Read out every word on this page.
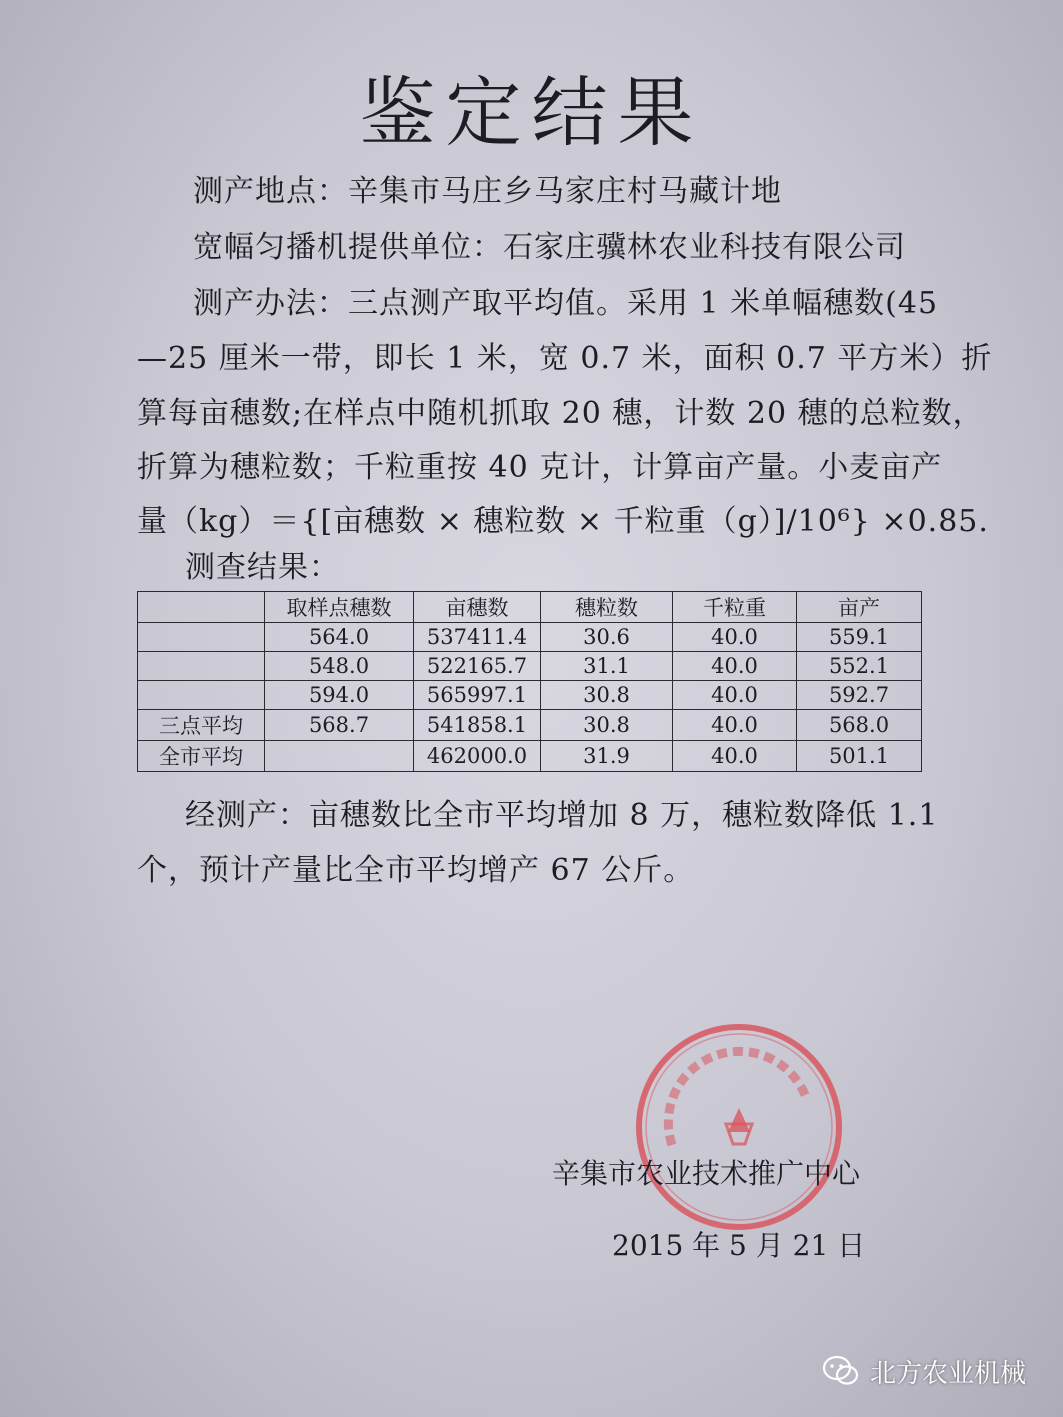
鉴定结果
测产地点：辛集市马庄乡马家庄村马藏计地
宽幅匀播机提供单位：石家庄骥林农业科技有限公司
测产办法：三点测产取平均值。采用 1 米单幅穗数(45
—25 厘米一带，即长 1 米，宽 0.7 米，面积 0.7 平方米）折
算每亩穗数;在样点中随机抓取 20 穗，计数 20 穗的总粒数，
折算为穗粒数；千粒重按 40 克计，计算亩产量。小麦亩产
量（kg）＝{[亩穗数 × 穗粒数 × 千粒重（g）]/10⁶} ×0.85.
测查结果：
	取样点穗数	亩穗数	穗粒数	千粒重	亩产
	564.0	537411.4	30.6	40.0	559.1
	548.0	522165.7	31.1	40.0	552.1
	594.0	565997.1	30.8	40.0	592.7
三点平均	568.7	541858.1	30.8	40.0	568.0
全市平均		462000.0	31.9	40.0	501.1
经测产：亩穗数比全市平均增加 8 万，穗粒数降低 1.1
个，预计产量比全市平均增产 67 公斤。
辛集市农业技术推广中心
2015 年 5 月 21 日
北方农业机械
